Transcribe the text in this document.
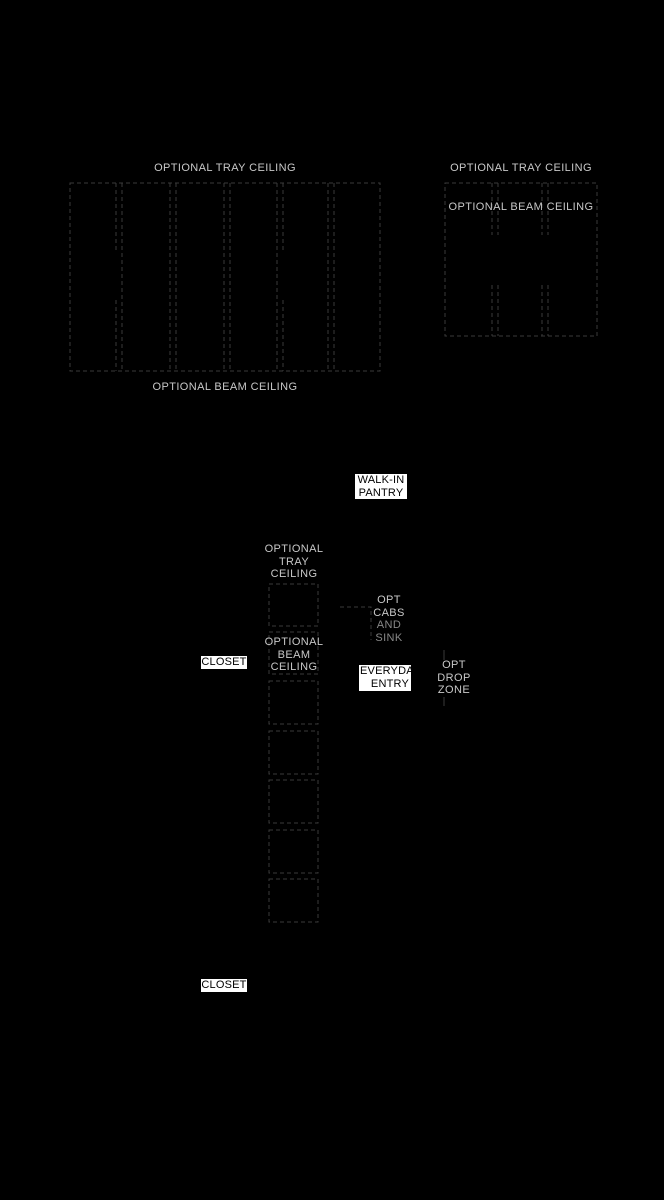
OPTIONAL TRAY CEILING
OPTIONAL BEAM CEILING
OPTIONAL TRAY CEILING
OPTIONAL BEAM CEILING
WALK-IN
PANTRY
OPTIONAL
TRAY
CEILING
OPTIONAL
BEAM
CEILING
OPT
CABS
AND
SINK
EVERYDAY
ENTRY
OPT
DROP
ZONE
CLOSET
CLOSET
